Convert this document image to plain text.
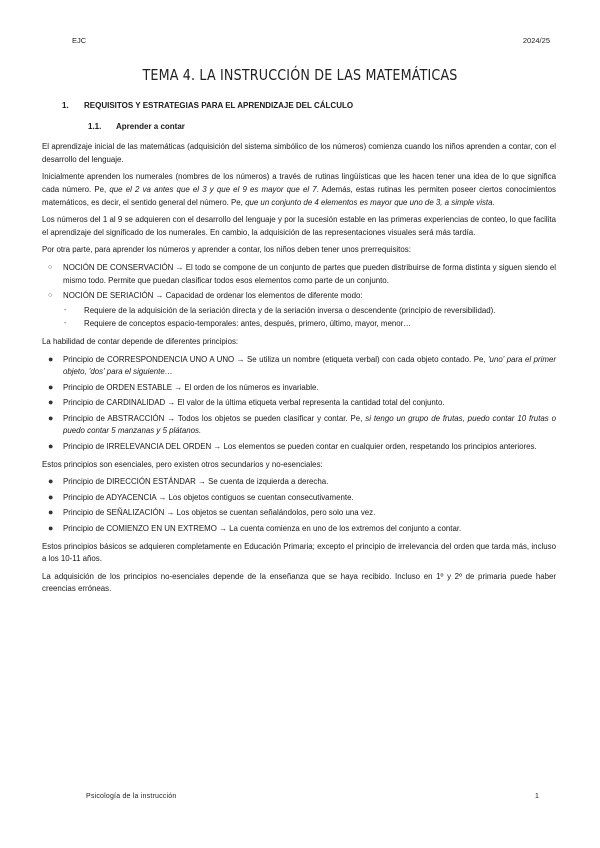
EJC	2024/25
TEMA 4. LA INSTRUCCIÓN DE LAS MATEMÁTICAS
1. REQUISITOS Y ESTRATEGIAS PARA EL APRENDIZAJE DEL CÁLCULO
1.1. Aprender a contar

El aprendizaje inicial de las matemáticas (adquisición del sistema simbólico de los números) comienza cuando los niños aprenden a contar, con el desarrollo del lenguaje.

Inicialmente aprenden los numerales (nombres de los números) a través de rutinas lingüísticas que les hacen tener una idea de lo que significa cada número. Pe, que el 2 va antes que el 3 y que el 9 es mayor que el 7. Además, estas rutinas les permiten poseer ciertos conocimientos matemáticos, es decir, el sentido general del número. Pe, que un conjunto de 4 elementos es mayor que uno de 3, a simple vista.

Los números del 1 al 9 se adquieren con el desarrollo del lenguaje y por la sucesión estable en las primeras experiencias de conteo, lo que facilita el aprendizaje del significado de los numerales. En cambio, la adquisición de las representaciones visuales será más tardía.

Por otra parte, para aprender los números y aprender a contar, los niños deben tener unos prerrequisitos:

○ NOCIÓN DE CONSERVACIÓN → El todo se compone de un conjunto de partes que pueden distribuirse de forma distinta y siguen siendo el mismo todo. Permite que puedan clasificar todos esos elementos como parte de un conjunto.
○ NOCIÓN DE SERIACIÓN → Capacidad de ordenar los elementos de diferente modo:
- Requiere de la adquisición de la seriación directa y de la seriación inversa o descendente (principio de reversibilidad).
- Requiere de conceptos espacio-temporales: antes, después, primero, último, mayor, menor…

La habilidad de contar depende de diferentes principios:

● Principio de CORRESPONDENCIA UNO A UNO → Se utiliza un nombre (etiqueta verbal) con cada objeto contado. Pe, 'uno' para el primer objeto, 'dos' para el siguiente…
● Principio de ORDEN ESTABLE → El orden de los números es invariable.
● Principio de CARDINALIDAD → El valor de la última etiqueta verbal representa la cantidad total del conjunto.
● Principio de ABSTRACCIÓN → Todos los objetos se pueden clasificar y contar. Pe, si tengo un grupo de frutas, puedo contar 10 frutas o puedo contar 5 manzanas y 5 plátanos.
● Principio de IRRELEVANCIA DEL ORDEN → Los elementos se pueden contar en cualquier orden, respetando los principios anteriores.

Estos principios son esenciales, pero existen otros secundarios y no-esenciales:

● Principio de DIRECCIÓN ESTÁNDAR → Se cuenta de izquierda a derecha.
● Principio de ADYACENCIA → Los objetos contiguos se cuentan consecutivamente.
● Principio de SEÑALIZACIÓN → Los objetos se cuentan señalándolos, pero solo una vez.
● Principio de COMIENZO EN UN EXTREMO → La cuenta comienza en uno de los extremos del conjunto a contar.

Estos principios básicos se adquieren completamente en Educación Primaria; excepto el principio de irrelevancia del orden que tarda más, incluso a los 10-11 años.

La adquisición de los principios no-esenciales depende de la enseñanza que se haya recibido. Incluso en 1º y 2º de primaria puede haber creencias erróneas.

Psicología de la instrucción	1
